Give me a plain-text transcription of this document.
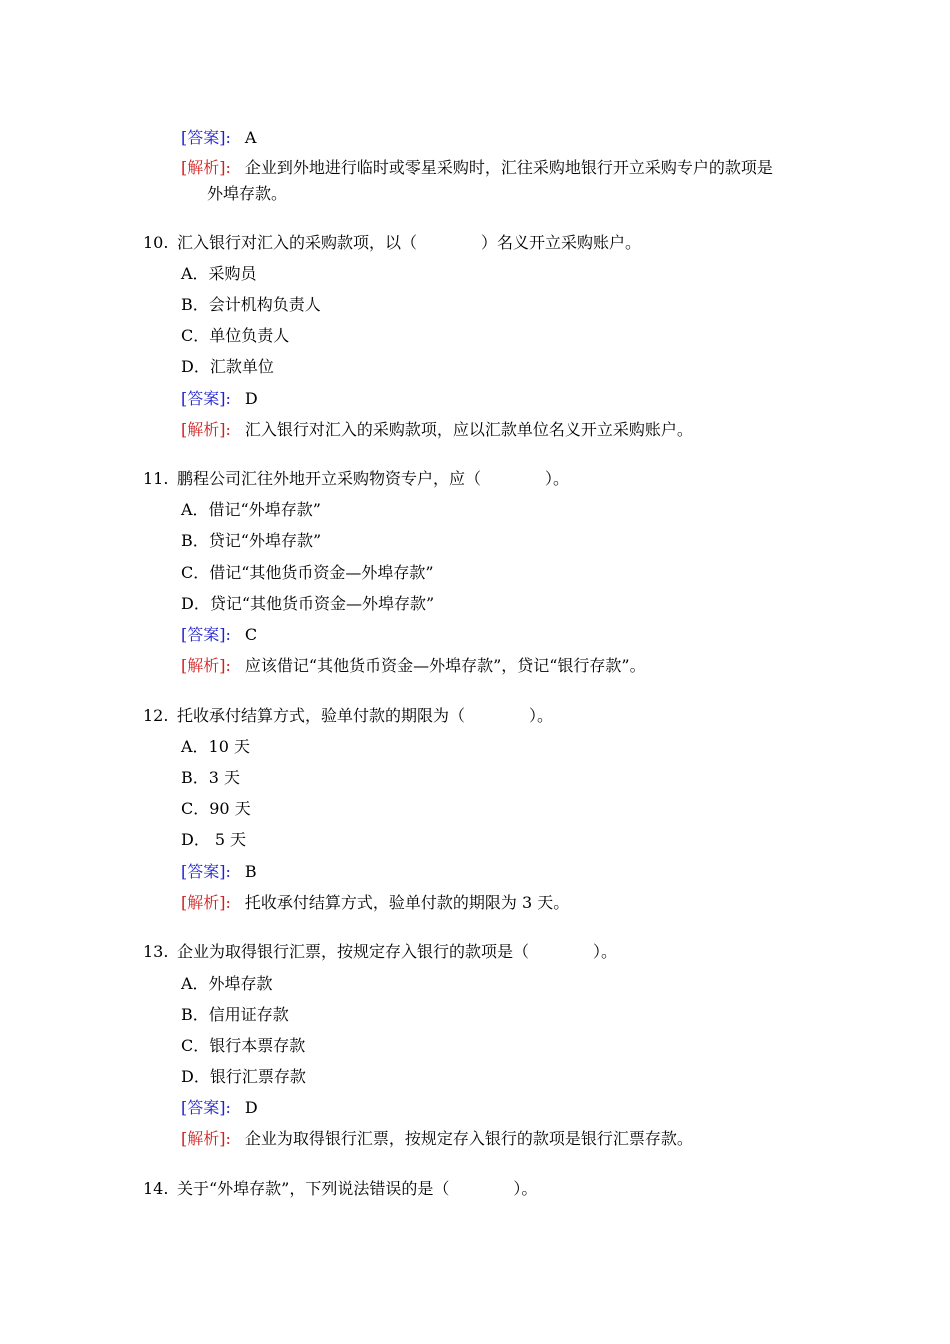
[答案]: A
[解析]: 企业到外地进行临时或零星采购时，汇往采购地银行开立采购专户的款项是
外埠存款。
10. 汇入银行对汇入的采购款项，以（　　　　）名义开立采购账户。
A．采购员
B．会计机构负责人
C．单位负责人
D．汇款单位
[答案]: D
[解析]: 汇入银行对汇入的采购款项，应以汇款单位名义开立采购账户。
11. 鹏程公司汇往外地开立采购物资专户，应（　　　　）。
A．借记“外埠存款”
B．贷记“外埠存款”
C．借记“其他货币资金—外埠存款”
D．贷记“其他货币资金—外埠存款”
[答案]: C
[解析]: 应该借记“其他货币资金—外埠存款”，贷记“银行存款”。
12. 托收承付结算方式，验单付款的期限为（　　　　）。
A．10 天
B．3 天
C．90 天
D． 5 天
[答案]: B
[解析]: 托收承付结算方式，验单付款的期限为 3 天。
13. 企业为取得银行汇票，按规定存入银行的款项是（　　　　）。
A．外埠存款
B．信用证存款
C．银行本票存款
D．银行汇票存款
[答案]: D
[解析]: 企业为取得银行汇票，按规定存入银行的款项是银行汇票存款。
14. 关于“外埠存款”，下列说法错误的是（　　　　）。
